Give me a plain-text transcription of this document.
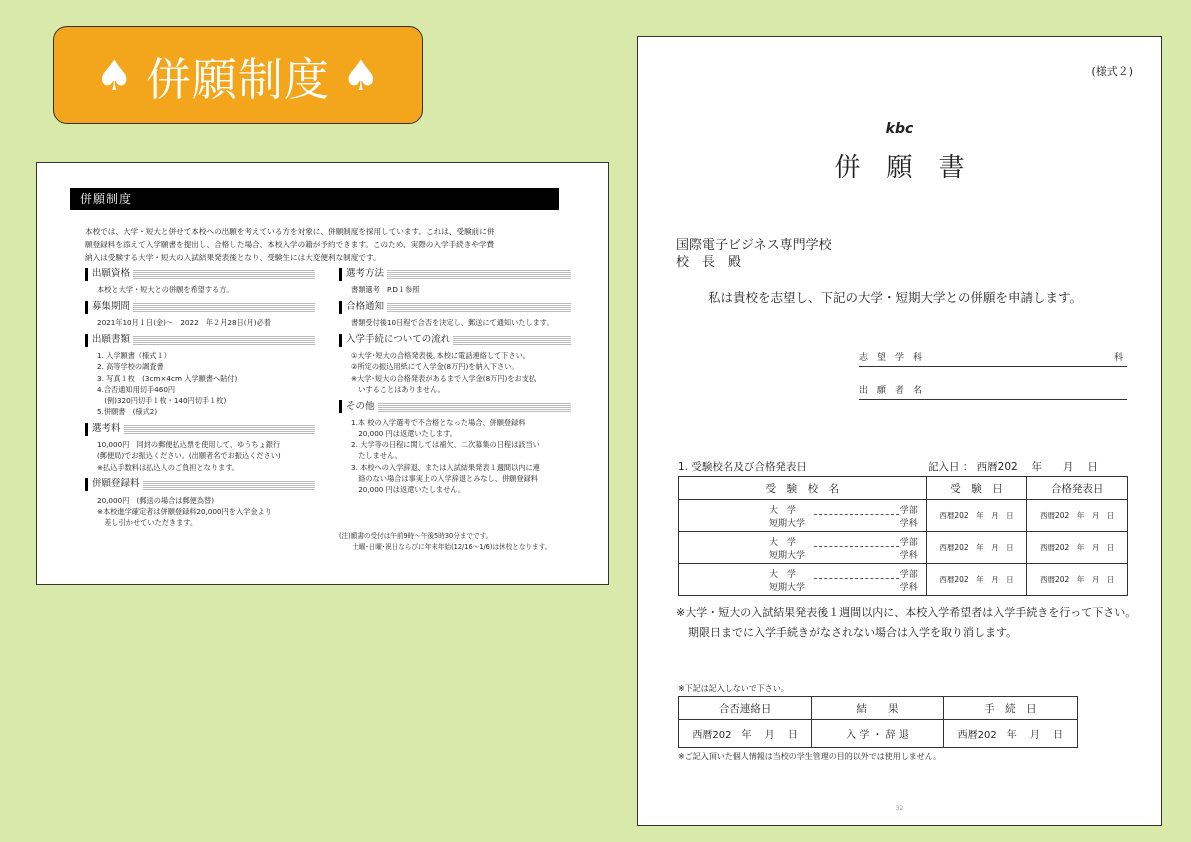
♠ 併願制度 ♠
併願制度
本校では、大学・短大と併せて本校への出願を考えている方を対象に、併願制度を採用しています。これは、受験前に併
願登録料を添えて入学願書を提出し、合格した場合、本校入学の籍が予約できます。このため、実際の入学手続きや学費
納入は受験する大学・短大の入試結果発表後となり、受験生には大変便利な制度です。
出願資格
本校と大学・短大との併願を希望する方。
募集期間
2021年10月１日(金)～　2022　年２月28日(月)必着
出願書類
1. 入学願書（様式１）
2. 高等学校の調査書
3. 写真１枚　(3cm×4cm 入学願書へ貼付)
4.合否通知用切手460円
　(例)320円切手１枚・140円切手１枚)
5.併願書　(様式2)
選考料
10,000円　同封の郵便払込票を使用して、ゆうちょ銀行
(郵便局)でお振込ください。(出願者名でお振込ください)
※払込手数料は払込人のご負担となります。
併願登録料
20,000円　(郵送の場合は郵便為替)
※本校進学確定者は併願登録料20,000円を入学金より
　差し引かせていただきます。
選考方法
書類選考　P.D１参照
合格通知
書類受付後10日程で合否を決定し、郵送にて通知いたします。
入学手続についての流れ
①大学･短大の合格発表後､本校に電話連絡して下さい｡
②所定の振込用紙にて入学金(8万円)を納入下さい。
※大学･短大の合格発表があるまで入学金(8万円)をお支払
　いすることはありません。
その他
1.本 校の入学選考で不合格となった場合、併願登録料
　20,000 円は返還いたします。
2. 大学等の日程に関しては補欠、二次募集の日程は該当い
　たしません。
3. 本校への入学辞退、または入試結果発表１週間以内に連
　絡のない場合は事実上の入学辞退とみなし、併願登録料
　20,000 円は返還いたしません。
(注)願書の受付は午前9時～午後5時30分までです。
　　土曜･日曜･祝日ならびに年末年始(12/16～1/6)は休校となります。
(様式２)
kbc
併　願　書
国際電子ビジネス専門学校
校　長　殿
私は貴校を志望し、下記の大学・短期大学との併願を申請します。
志　望　学　科	科
出　願　者　名
1. 受験校名及び合格発表日	記入日 ： 西暦202　 年　　月　 日
受　験　校　名	受　験　日	合格発表日

大　学
短期大学
学部
学科	西暦202　年　月　日	西暦202　年　月　日

大　学
短期大学
学部
学科	西暦202　年　月　日	西暦202　年　月　日

大　学
短期大学
学部
学科	西暦202　年　月　日	西暦202　年　月　日
※大学・短大の入試結果発表後１週間以内に、本校入学希望者は入学手続きを行って下さい。
期限日までに入学手続きがなされない場合は入学を取り消します。
※下記は記入しないで下さい。
合否連絡日	結　　果	手　続　日
西暦202　年　 月　 日	入 学 ・ 辞 退	西暦202　年　 月　 日
※ご記入頂いた個人情報は当校の学生管理の目的以外では使用しません。
32
